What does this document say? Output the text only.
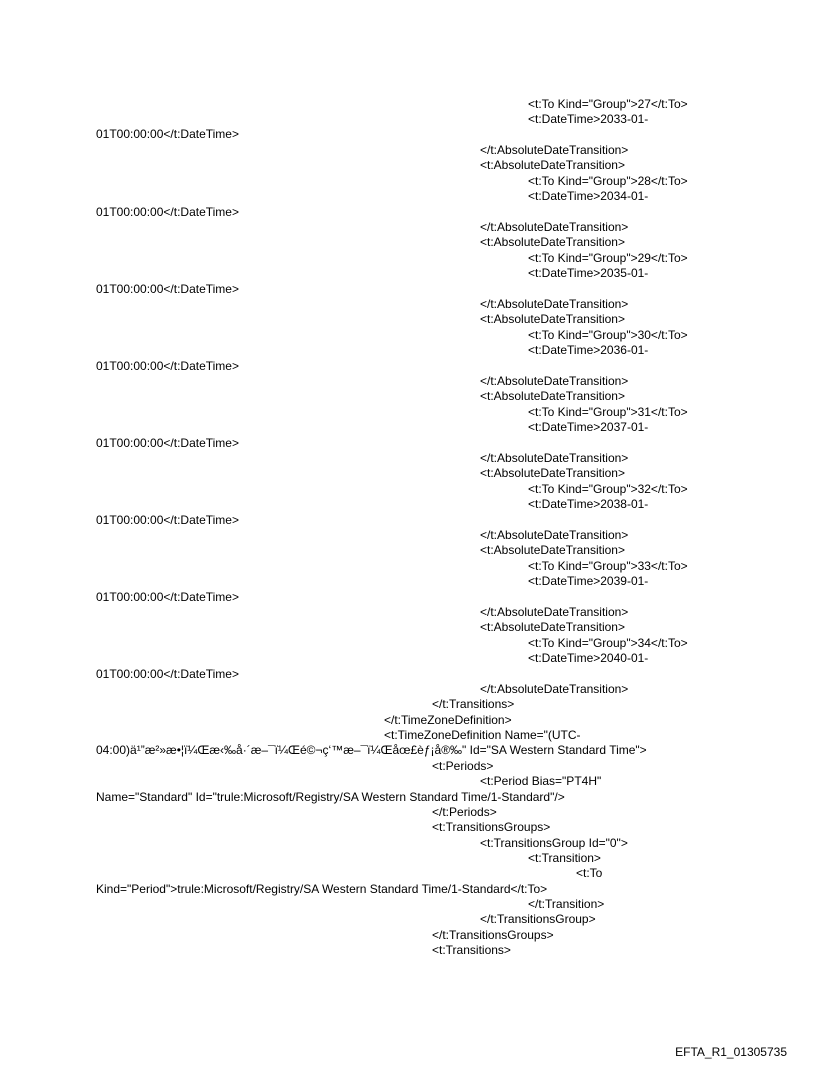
<t:To Kind="Group">27</t:To>
<t:DateTime>2033-01-
01T00:00:00</t:DateTime>
</t:AbsoluteDateTransition>
<t:AbsoluteDateTransition>
<t:To Kind="Group">28</t:To>
<t:DateTime>2034-01-
01T00:00:00</t:DateTime>
</t:AbsoluteDateTransition>
<t:AbsoluteDateTransition>
<t:To Kind="Group">29</t:To>
<t:DateTime>2035-01-
01T00:00:00</t:DateTime>
</t:AbsoluteDateTransition>
<t:AbsoluteDateTransition>
<t:To Kind="Group">30</t:To>
<t:DateTime>2036-01-
01T00:00:00</t:DateTime>
</t:AbsoluteDateTransition>
<t:AbsoluteDateTransition>
<t:To Kind="Group">31</t:To>
<t:DateTime>2037-01-
01T00:00:00</t:DateTime>
</t:AbsoluteDateTransition>
<t:AbsoluteDateTransition>
<t:To Kind="Group">32</t:To>
<t:DateTime>2038-01-
01T00:00:00</t:DateTime>
</t:AbsoluteDateTransition>
<t:AbsoluteDateTransition>
<t:To Kind="Group">33</t:To>
<t:DateTime>2039-01-
01T00:00:00</t:DateTime>
</t:AbsoluteDateTransition>
<t:AbsoluteDateTransition>
<t:To Kind="Group">34</t:To>
<t:DateTime>2040-01-
01T00:00:00</t:DateTime>
</t:AbsoluteDateTransition>
</t:Transitions>
</t:TimeZoneDefinition>
<t:TimeZoneDefinition Name="(UTC-
04:00)ä¹”æ²»æ•¦ï¼Œæ‹‰å·´æ–¯ï¼Œé©¬ç‘™æ–¯ï¼Œåœ£èƒ¡å®‰" Id="SA Western Standard Time">
<t:Periods>
<t:Period Bias="PT4H"
Name="Standard" Id="trule:Microsoft/Registry/SA Western Standard Time/1-Standard"/>
</t:Periods>
<t:TransitionsGroups>
<t:TransitionsGroup Id="0">
<t:Transition>
<t:To
Kind="Period">trule:Microsoft/Registry/SA Western Standard Time/1-Standard</t:To>
</t:Transition>
</t:TransitionsGroup>
</t:TransitionsGroups>
<t:Transitions>
EFTA_R1_01305735
